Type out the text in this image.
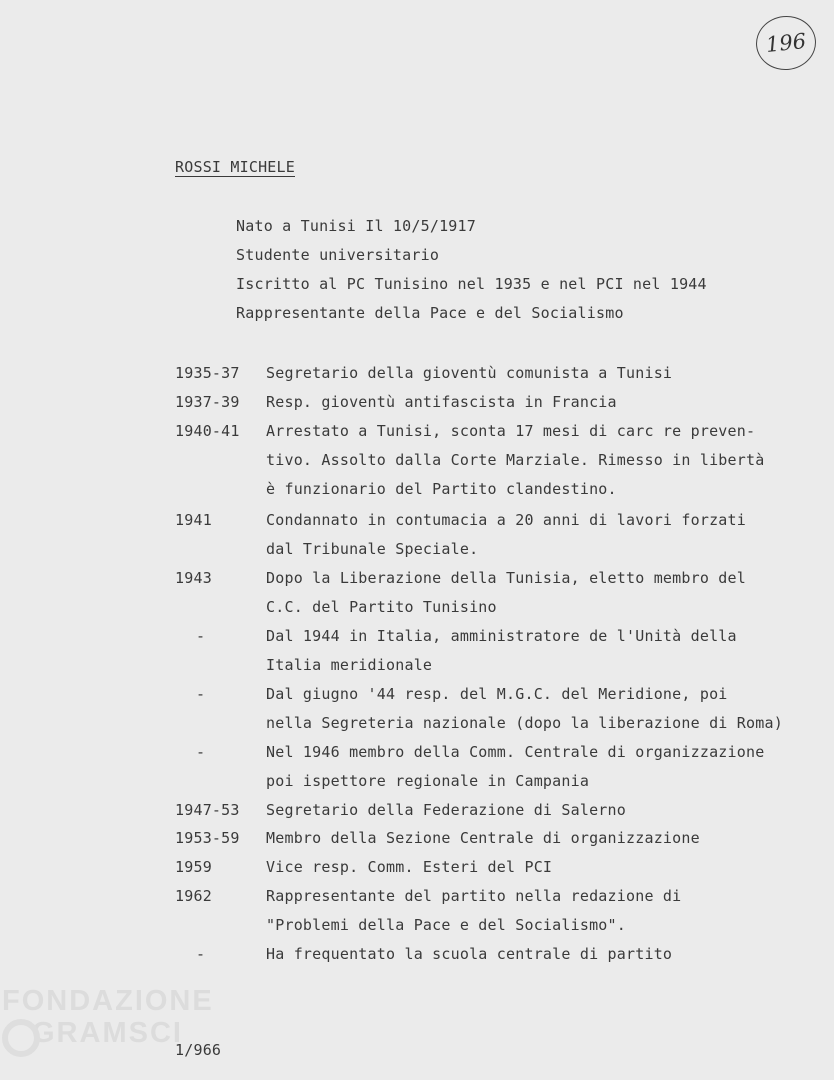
196
FONDAZIONE
GRAMSCI
ROSSI MICHELE
Nato a Tunisi Il 10/5/1917
Studente universitario
Iscritto al PC Tunisino nel 1935 e nel PCI nel 1944
Rappresentante della Pace e del Socialismo
1935-37 Segretario della gioventù comunista a Tunisi
1937-39 Resp. gioventù antifascista in Francia
1940-41 Arrestato a Tunisi, sconta 17 mesi di carc re preven-
tivo. Assolto dalla Corte Marziale. Rimesso in libertà
è funzionario del Partito clandestino.
1941	Condannato in contumacia a 20 anni di lavori forzati
dal Tribunale Speciale.
1943	Dopo la Liberazione della Tunisia, eletto membro del
C.C. del Partito Tunisino
-	Dal 1944 in Italia, amministratore de l'Unità della
Italia meridionale
-	Dal giugno '44 resp. del M.G.C. del Meridione, poi
nella Segreteria nazionale (dopo la liberazione di Roma)
-	Nel 1946 membro della Comm. Centrale di organizzazione
poi ispettore regionale in Campania
1947-53 Segretario della Federazione di Salerno
1953-59 Membro della Sezione Centrale di organizzazione
1959	Vice resp. Comm. Esteri del PCI
1962	Rappresentante del partito nella redazione di
"Problemi della Pace e del Socialismo".
-	Ha frequentato la scuola centrale di partito
1/966
